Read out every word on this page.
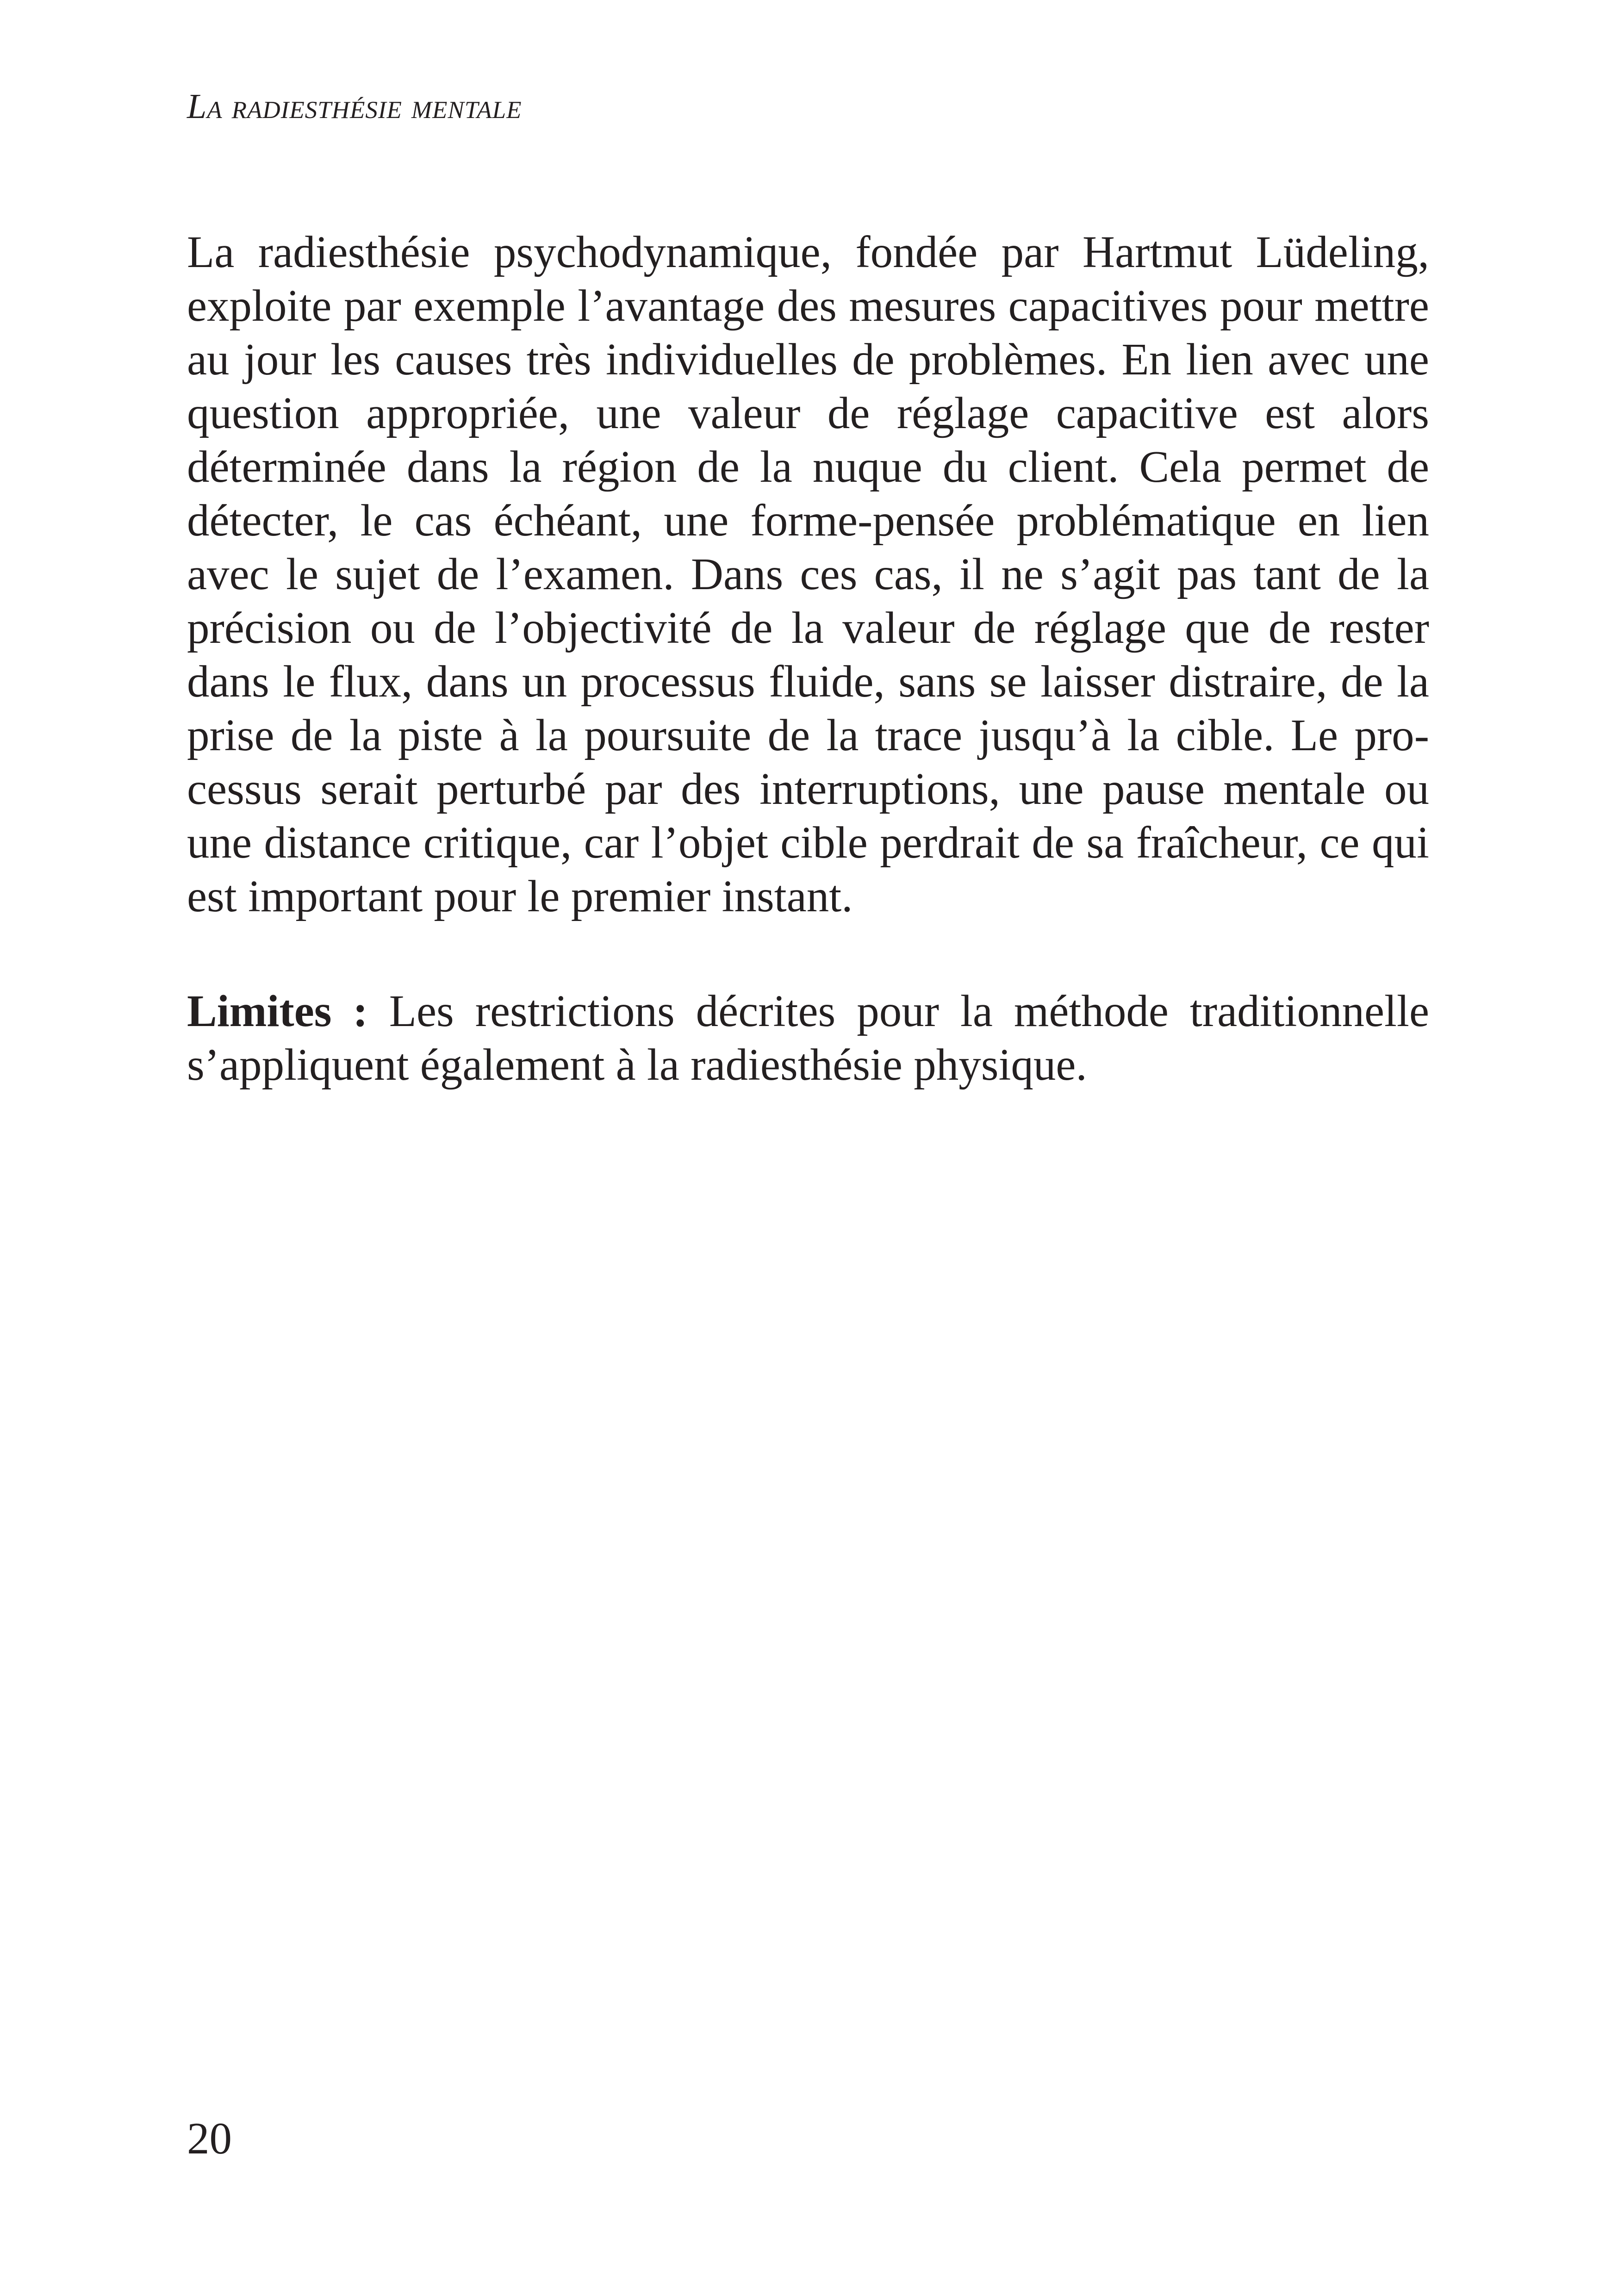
La radiesthésie mentale

La radiesthésie psychodynamique, fondée par Hartmut Lüdeling, exploite par exemple l’avantage des mesures capacitives pour mettre au jour les causes très individuelles de problèmes. En lien avec une question appropriée, une valeur de réglage capacitive est alors déterminée dans la région de la nuque du client. Cela permet de détecter, le cas échéant, une forme-pensée problématique en lien avec le sujet de l’examen. Dans ces cas, il ne s’agit pas tant de la précision ou de l’objectivité de la valeur de réglage que de rester dans le flux, dans un processus fluide, sans se laisser distraire, de la prise de la piste à la poursuite de la trace jusqu’à la cible. Le processus serait perturbé par des interruptions, une pause mentale ou une distance critique, car l’objet cible perdrait de sa fraîcheur, ce qui est important pour le premier instant.

Limites : Les restrictions décrites pour la méthode traditionnelle s’appliquent également à la radiesthésie physique.

20
